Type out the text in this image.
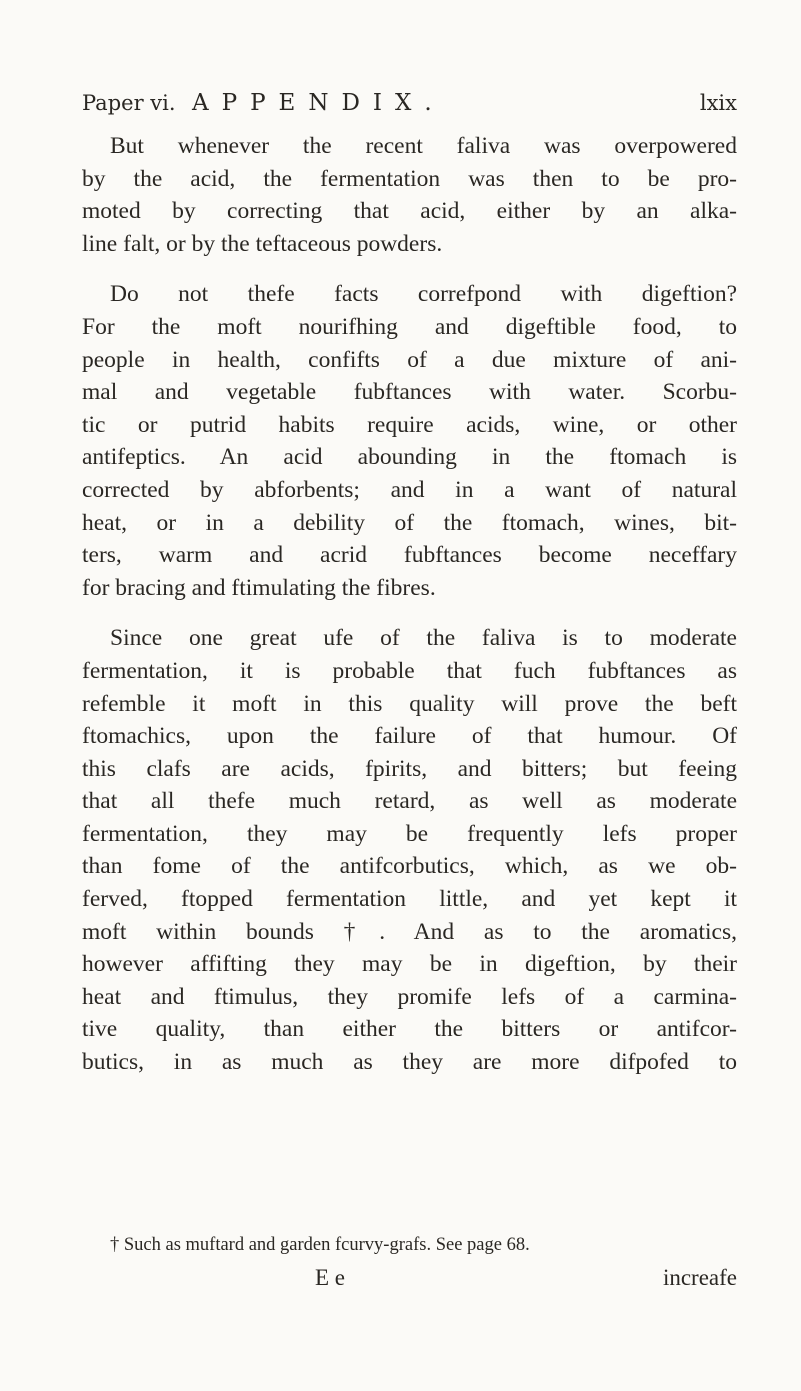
Paper vi. APPENDIX.	lxix
But whenever the recent faliva was overpowered
by the acid, the fermentation was then to be pro-
moted by correcting that acid, either by an alka-
line falt, or by the teftaceous powders.
Do not thefe facts correfpond with digeftion?
For the moft nourifhing and digeftible food, to
people in health, confifts of a due mixture of ani-
mal and vegetable fubftances with water. Scorbu-
tic or putrid habits require acids, wine, or other
antifeptics. An acid abounding in the ftomach is
corrected by abforbents; and in a want of natural
heat, or in a debility of the ftomach, wines, bit-
ters, warm and acrid fubftances become neceffary
for bracing and ftimulating the fibres.
Since one great ufe of the faliva is to moderate
fermentation, it is probable that fuch fubftances as
refemble it moft in this quality will prove the beft
ftomachics, upon the failure of that humour. Of
this clafs are acids, fpirits, and bitters; but feeing
that all thefe much retard, as well as moderate
fermentation, they may be frequently lefs proper
than fome of the antifcorbutics, which, as we ob-
ferved, ftopped fermentation little, and yet kept it
moft within bounds †. And as to the aromatics,
however affifting they may be in digeftion, by their
heat and ftimulus, they promife lefs of a carmina-
tive quality, than either the bitters or antifcor-
butics, in as much as they are more difpofed to
† Such as muftard and garden fcurvy-grafs. See page 68.
E e	increafe
